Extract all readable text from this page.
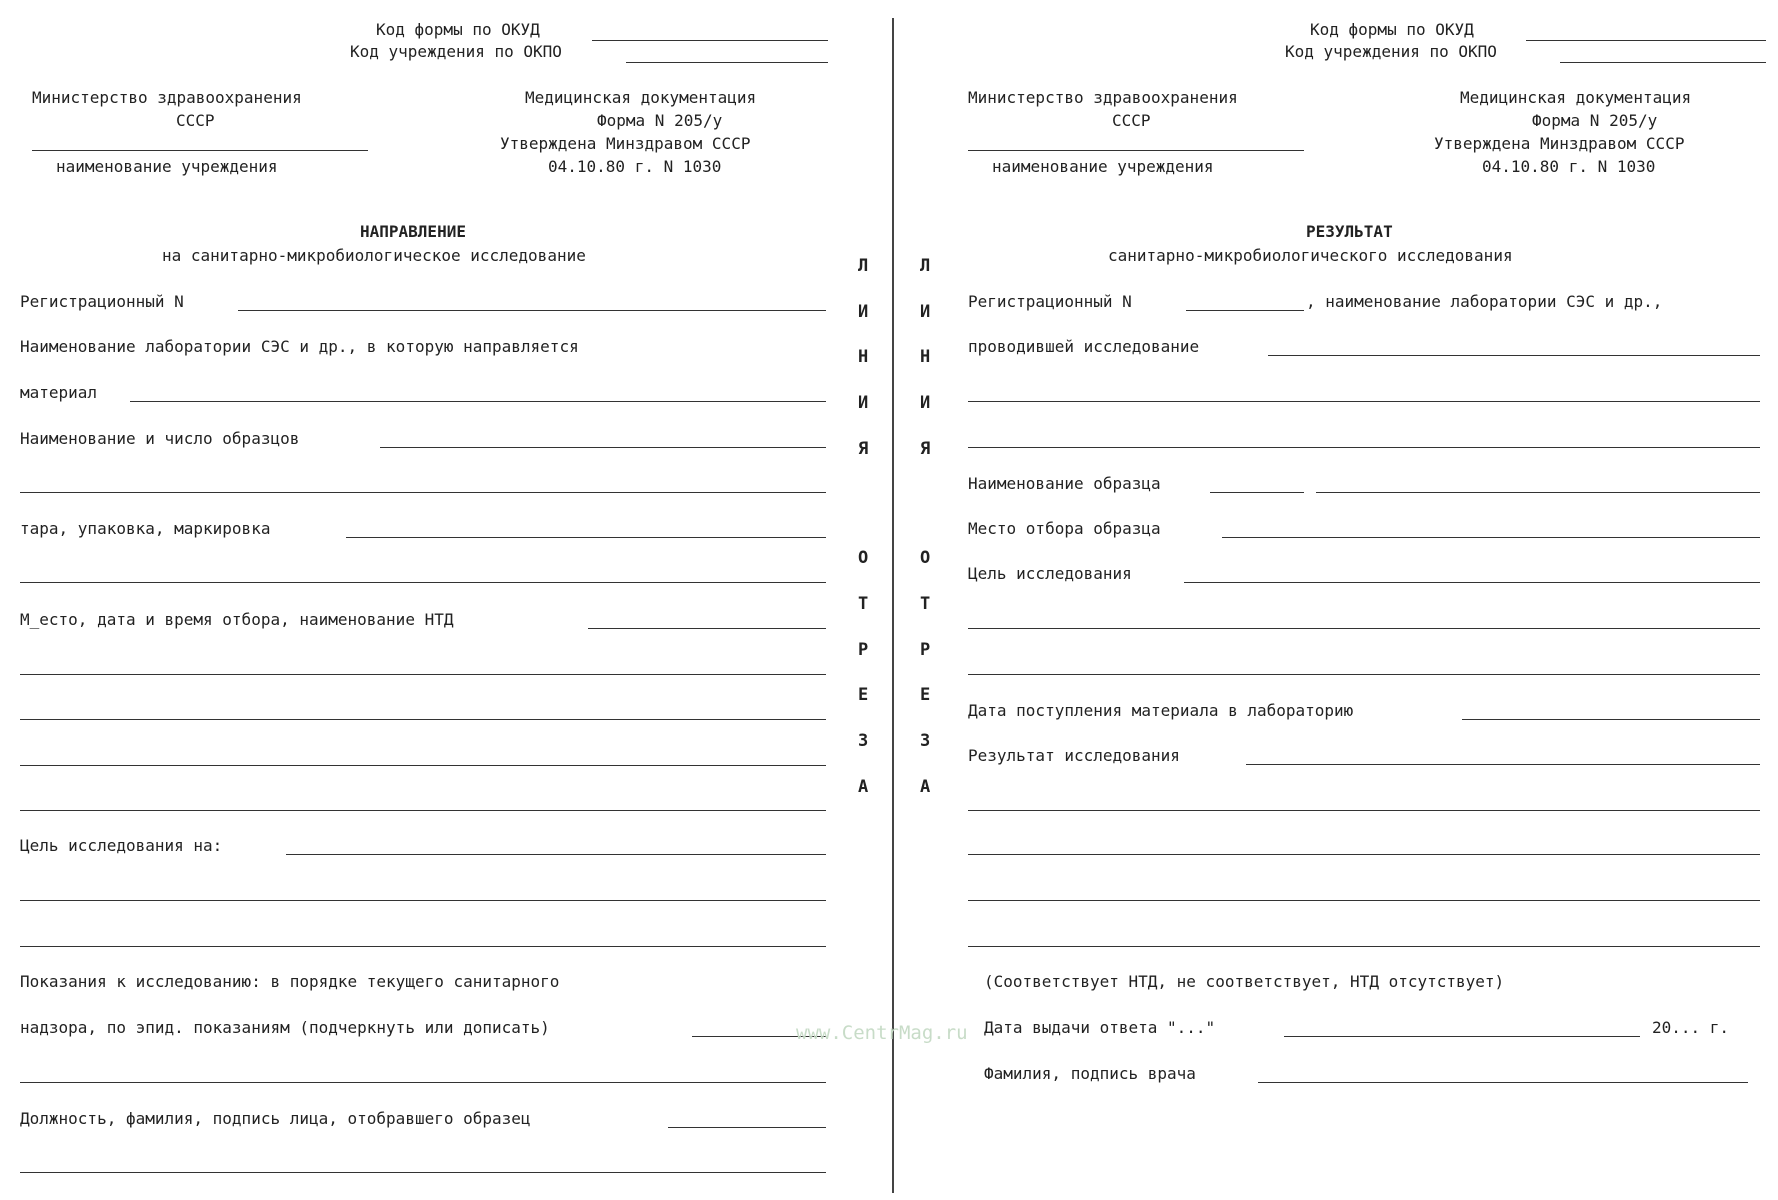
Код формы по ОКУД
Код учреждения по ОКПО
Министерство здравоохранения
СССР
наименование учреждения
Медицинская документация
Форма N 205/у
Утверждена Минздравом СССР
04.10.80 г. N 1030
НАПРАВЛЕНИЕ
на санитарно-микробиологическое исследование
Регистрационный N
Наименование лаборатории СЭС и др., в которую направляется
материал
Наименование и число образцов
тара, упаковка, маркировка
М_есто, дата и время отбора, наименование НТД
Цель исследования на:
Показания к исследованию: в порядке текущего санитарного
надзора, по эпид. показаниям (подчеркнуть или дописать)
Должность, фамилия, подпись лица, отобравшего образец
Л
И
Н
И
Я
О
Т
Р
Е
З
А
Л
И
Н
И
Я
О
Т
Р
Е
З
А
Код формы по ОКУД
Код учреждения по ОКПО
Министерство здравоохранения
СССР
наименование учреждения
Медицинская документация
Форма N 205/у
Утверждена Минздравом СССР
04.10.80 г. N 1030
РЕЗУЛЬТАТ
санитарно-микробиологического исследования
Регистрационный N	, наименование лаборатории СЭС и др.,
проводившей исследование
Наименование образца
Место отбора образца
Цель исследования
Дата поступления материала в лабораторию
Результат исследования
(Соответствует НТД, не соответствует, НТД отсутствует)
Дата выдачи ответа "..."	20... г.
Фамилия, подпись врача
www.CentrMag.ru
